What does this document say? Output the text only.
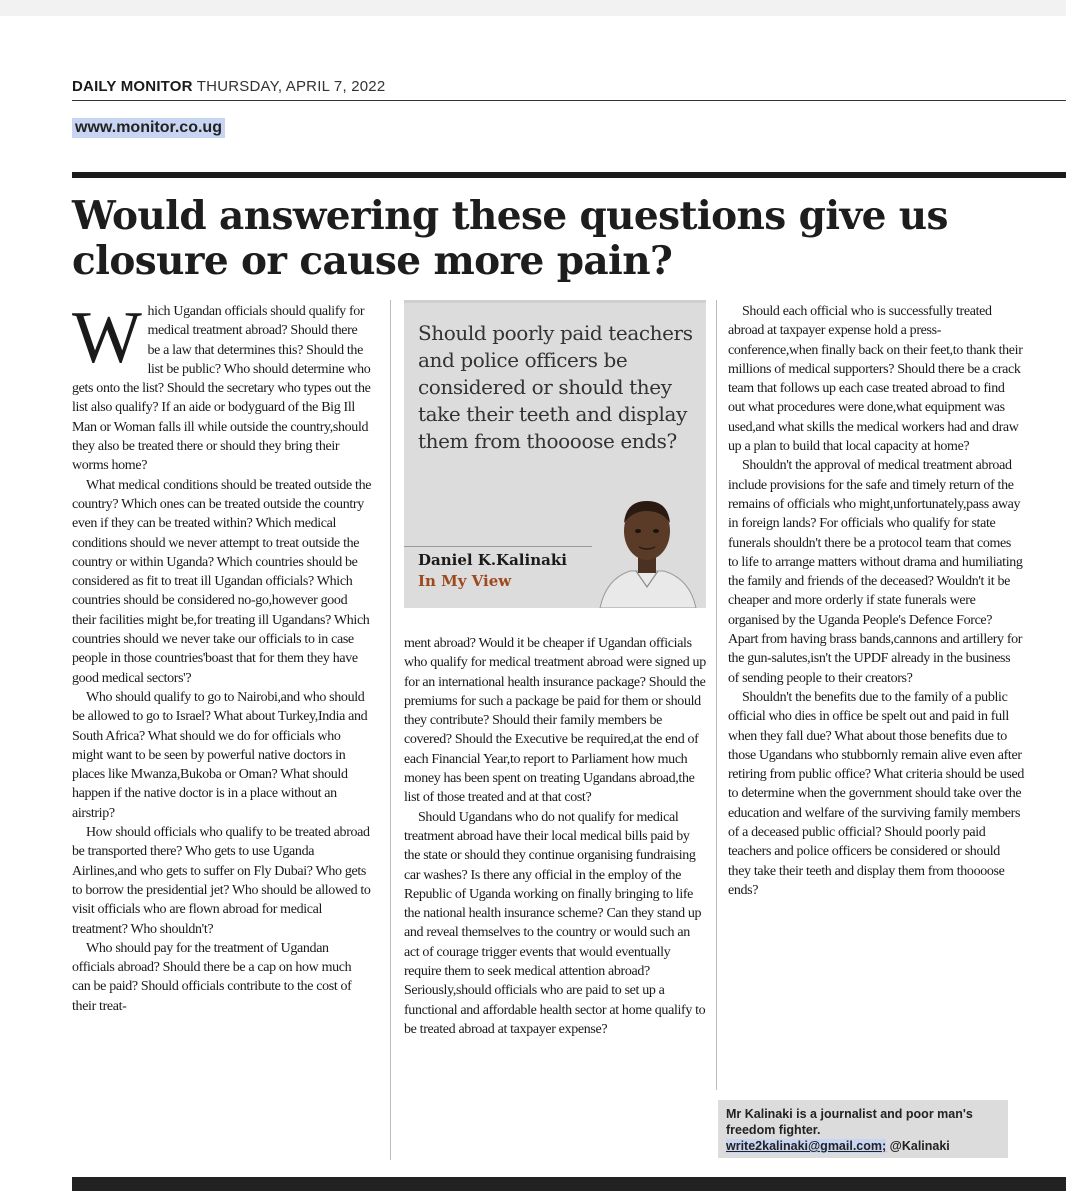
DAILY MONITOR THURSDAY, APRIL 7, 2022
www.monitor.co.ug
Would answering these questions give us closure or cause more pain?

Which Ugandan officials should qualify for medical treatment abroad? Should there be a law that determines this? Should the list be public? Who should determine who gets onto the list? Should the secretary who types out the list also qualify? If an aide or bodyguard of the Big Ill Man or Woman falls ill while outside the country,should they also be treated there or should they bring their worms home?

What medical conditions should be treated outside the country? Which ones can be treated outside the country even if they can be treated within? Which medical conditions should we never attempt to treat outside the country or within Uganda? Which countries should be considered as fit to treat ill Ugandan officials? Which countries should be considered no-go,however good their facilities might be,for treating ill Ugandans? Which countries should we never take our officials to in case people in those countries'boast that for them they have good medical sectors'?

Who should qualify to go to Nairobi,and who should be allowed to go to Israel? What about Turkey,India and South Africa? What should we do for officials who might want to be seen by powerful native doctors in places like Mwanza,Bukoba or Oman? What should happen if the native doctor is in a place without an airstrip?

How should officials who qualify to be treated abroad be transported there? Who gets to use Uganda Airlines,and who gets to suffer on Fly Dubai? Who gets to borrow the presidential jet? Who should be allowed to visit officials who are flown abroad for medical treatment? Who shouldn't?

Who should pay for the treatment of Ugandan officials abroad? Should there be a cap on how much can be paid? Should officials contribute to the cost of their treat-

Should poorly paid teachers and police officers be considered or should they take their teeth and display them from thoooose ends?
Daniel K.Kalinaki
In My View

ment abroad? Would it be cheaper if Ugandan officials who qualify for medical treatment abroad were signed up for an international health insurance package? Should the premiums for such a package be paid for them or should they contribute? Should their family members be covered? Should the Executive be required,at the end of each Financial Year,to report to Parliament how much money has been spent on treating Ugandans abroad,the list of those treated and at that cost?

Should Ugandans who do not qualify for medical treatment abroad have their local medical bills paid by the state or should they continue organising fundraising car washes? Is there any official in the employ of the Republic of Uganda working on finally bringing to life the national health insurance scheme? Can they stand up and reveal themselves to the country or would such an act of courage trigger events that would eventually require them to seek medical attention abroad? Seriously,should officials who are paid to set up a functional and affordable health sector at home qualify to be treated abroad at taxpayer expense?

Should each official who is successfully treated abroad at taxpayer expense hold a press-conference,when finally back on their feet,to thank their millions of medical supporters? Should there be a crack team that follows up each case treated abroad to find out what procedures were done,what equipment was used,and what skills the medical workers had and draw up a plan to build that local capacity at home?

Shouldn't the approval of medical treatment abroad include provisions for the safe and timely return of the remains of officials who might,unfortunately,pass away in foreign lands? For officials who qualify for state funerals shouldn't there be a protocol team that comes to life to arrange matters without drama and humiliating the family and friends of the deceased? Wouldn't it be cheaper and more orderly if state funerals were organised by the Uganda People's Defence Force? Apart from having brass bands,cannons and artillery for the gun-salutes,isn't the UPDF already in the business of sending people to their creators?

Shouldn't the benefits due to the family of a public official who dies in office be spelt out and paid in full when they fall due? What about those benefits due to those Ugandans who stubbornly remain alive even after retiring from public office? What criteria should be used to determine when the government should take over the education and welfare of the surviving family members of a deceased public official? Should poorly paid teachers and police officers be considered or should they take their teeth and display them from thoooose ends?

Mr Kalinaki is a journalist and poor man's freedom fighter.
write2kalinaki@gmail.com; @Kalinaki
